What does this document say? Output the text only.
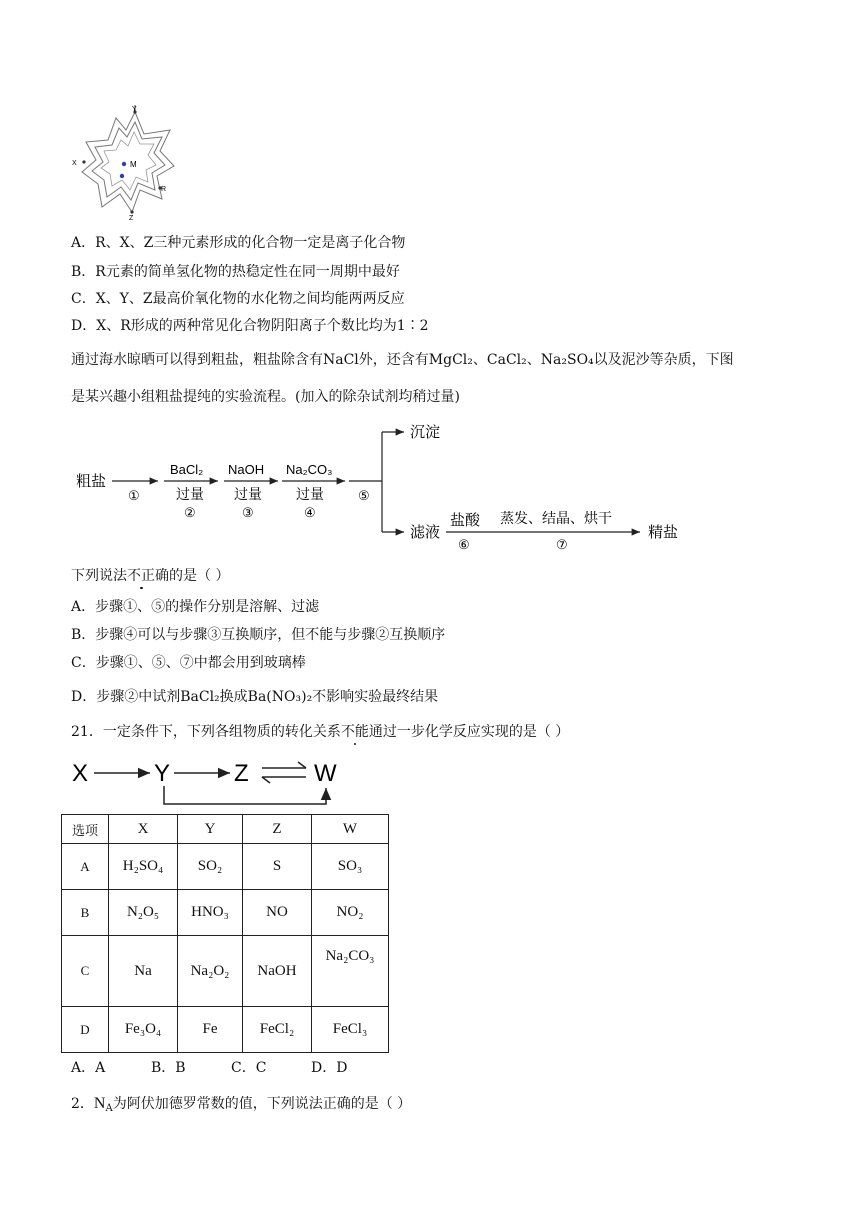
Y
X	M
R
Z
A．R、X、Z三种元素形成的化合物一定是离子化合物
B．R元素的简单氢化物的热稳定性在同一周期中最好
C．X、Y、Z最高价氧化物的水化物之间均能两两反应
D．X、R形成的两种常见化合物阴阳离子个数比均为1∶2
通过海水晾晒可以得到粗盐，粗盐除含有NaCl外，还含有MgCl₂、CaCl₂、Na₂SO₄以及泥沙等杂质，下图
是某兴趣小组粗盐提纯的实验流程。(加入的除杂试剂均稍过量)
粗盐
①
BaCl₂
过量
②
NaOH
过量
③
Na₂CO₃
过量
④
⑤
沉淀
滤液
盐酸
⑥
蒸发、结晶、烘干
⑦
精盐
下列说法不正确的是（ ）
A．步骤①、⑤的操作分别是溶解、过滤
B．步骤④可以与步骤③互换顺序，但不能与步骤②互换顺序
C．步骤①、⑤、⑦中都会用到玻璃棒
D．步骤②中试剂BaCl₂换成Ba(NO₃)₂不影响实验最终结果
21．一定条件下，下列各组物质的转化关系不能通过一步化学反应实现的是（ ）
X	Y	Z	W
选项	X	Y	Z	W
A	H₂SO₄	SO₂	S	SO₃
B	N₂O₅	HNO₃	NO	NO₂
C	Na	Na₂O₂	NaOH	Na₂CO₃
D	Fe₃O₄	Fe	FeCl₂	FeCl₃
A．A	B．B	C．C	D．D
2．$N_A$为阿伏加德罗常数的值，下列说法正确的是（ ）
